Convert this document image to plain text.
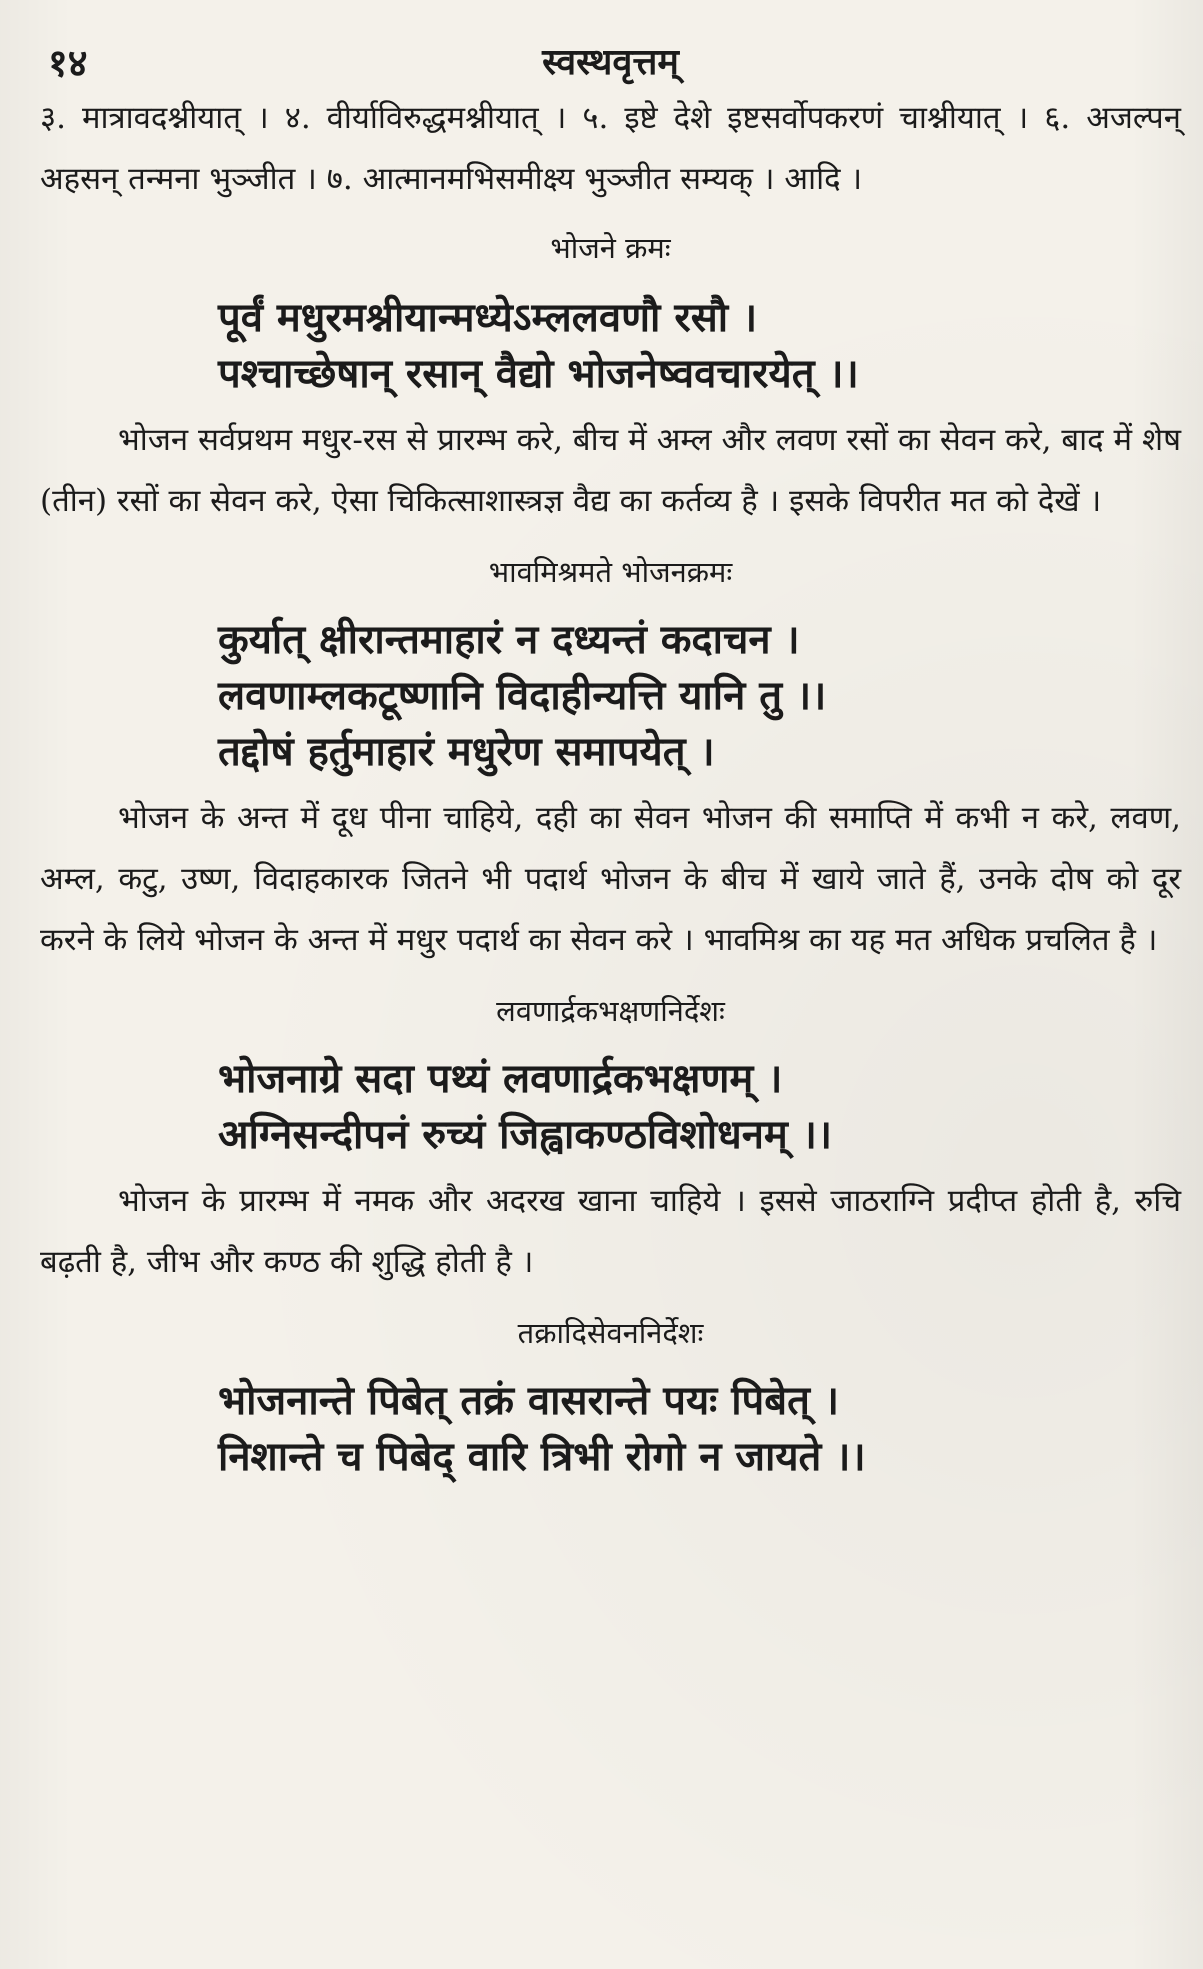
१४	स्वस्थवृत्तम्

३. मात्रावदश्नीयात् । ४. वीर्याविरुद्धमश्नीयात् । ५. इष्टे देशे इष्टसर्वोपकरणं चाश्नीयात् । ६. अजल्पन् अहसन् तन्मना भुञ्जीत । ७. आत्मानमभिसमीक्ष्य भुञ्जीत सम्यक् । आदि ।

भोजने क्रमः

पूर्वं मधुरमश्नीयान्मध्येऽम्ललवणौ रसौ ।
पश्चाच्छेषान् रसान् वैद्यो भोजनेष्ववचारयेत् ।।

भोजन सर्वप्रथम मधुर-रस से प्रारम्भ करे, बीच में अम्ल और लवण रसों का सेवन करे, बाद में शेष (तीन) रसों का सेवन करे, ऐसा चिकित्साशास्त्रज्ञ वैद्य का कर्तव्य है । इसके विपरीत मत को देखें ।

भावमिश्रमते भोजनक्रमः

कुर्यात् क्षीरान्तमाहारं न दध्यन्तं कदाचन ।
लवणाम्लकटूष्णानि विदाहीन्यत्ति यानि तु ।।
तद्दोषं हर्तुमाहारं मधुरेण समापयेत् ।

भोजन के अन्त में दूध पीना चाहिये, दही का सेवन भोजन की समाप्ति में कभी न करे, लवण, अम्ल, कटु, उष्ण, विदाहकारक जितने भी पदार्थ भोजन के बीच में खाये जाते हैं, उनके दोष को दूर करने के लिये भोजन के अन्त में मधुर पदार्थ का सेवन करे । भावमिश्र का यह मत अधिक प्रचलित है ।

लवणार्द्रकभक्षणनिर्देशः

भोजनाग्रे सदा पथ्यं लवणार्द्रकभक्षणम् ।
अग्निसन्दीपनं रुच्यं जिह्वाकण्ठविशोधनम् ।।

भोजन के प्रारम्भ में नमक और अदरख खाना चाहिये । इससे जाठराग्नि प्रदीप्त होती है, रुचि बढ़ती है, जीभ और कण्ठ की शुद्धि होती है ।

तक्रादिसेवननिर्देशः

भोजनान्ते पिबेत् तक्रं वासरान्ते पयः पिबेत् ।
निशान्ते च पिबेद् वारि त्रिभी रोगो न जायते ।।
